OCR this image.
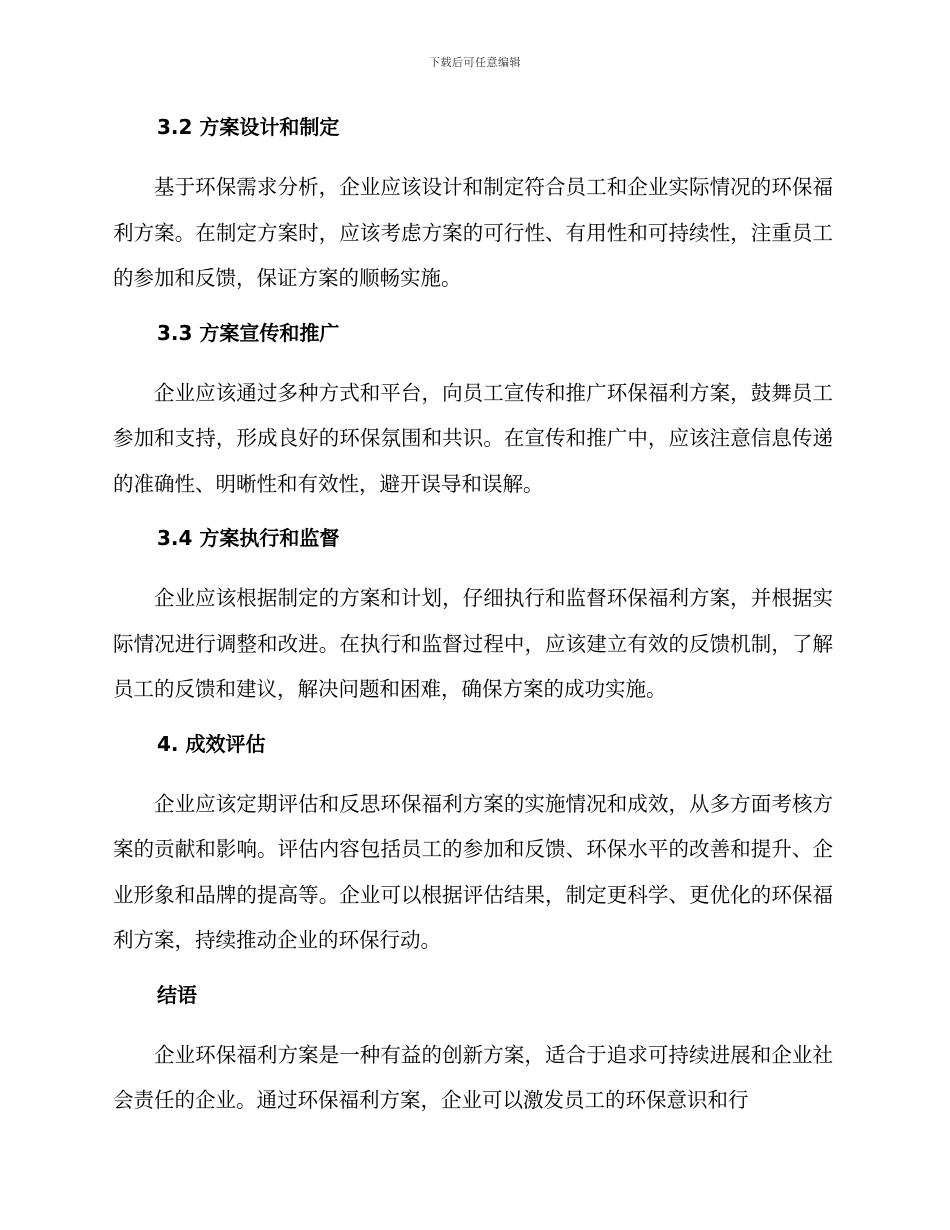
下载后可任意编辑
3.2 方案设计和制定
基于环保需求分析，企业应该设计和制定符合员工和企业实际情况的环保福利方案。在制定方案时，应该考虑方案的可行性、有用性和可持续性，注重员工的参加和反馈，保证方案的顺畅实施。
3.3 方案宣传和推广
企业应该通过多种方式和平台，向员工宣传和推广环保福利方案，鼓舞员工参加和支持，形成良好的环保氛围和共识。在宣传和推广中，应该注意信息传递的准确性、明晰性和有效性，避开误导和误解。
3.4 方案执行和监督
企业应该根据制定的方案和计划，仔细执行和监督环保福利方案，并根据实际情况进行调整和改进。在执行和监督过程中，应该建立有效的反馈机制，了解员工的反馈和建议，解决问题和困难，确保方案的成功实施。
4. 成效评估
企业应该定期评估和反思环保福利方案的实施情况和成效，从多方面考核方案的贡献和影响。评估内容包括员工的参加和反馈、环保水平的改善和提升、企业形象和品牌的提高等。企业可以根据评估结果，制定更科学、更优化的环保福利方案，持续推动企业的环保行动。
结语
企业环保福利方案是一种有益的创新方案，适合于追求可持续进展和企业社会责任的企业。通过环保福利方案，企业可以激发员工的环保意识和行
